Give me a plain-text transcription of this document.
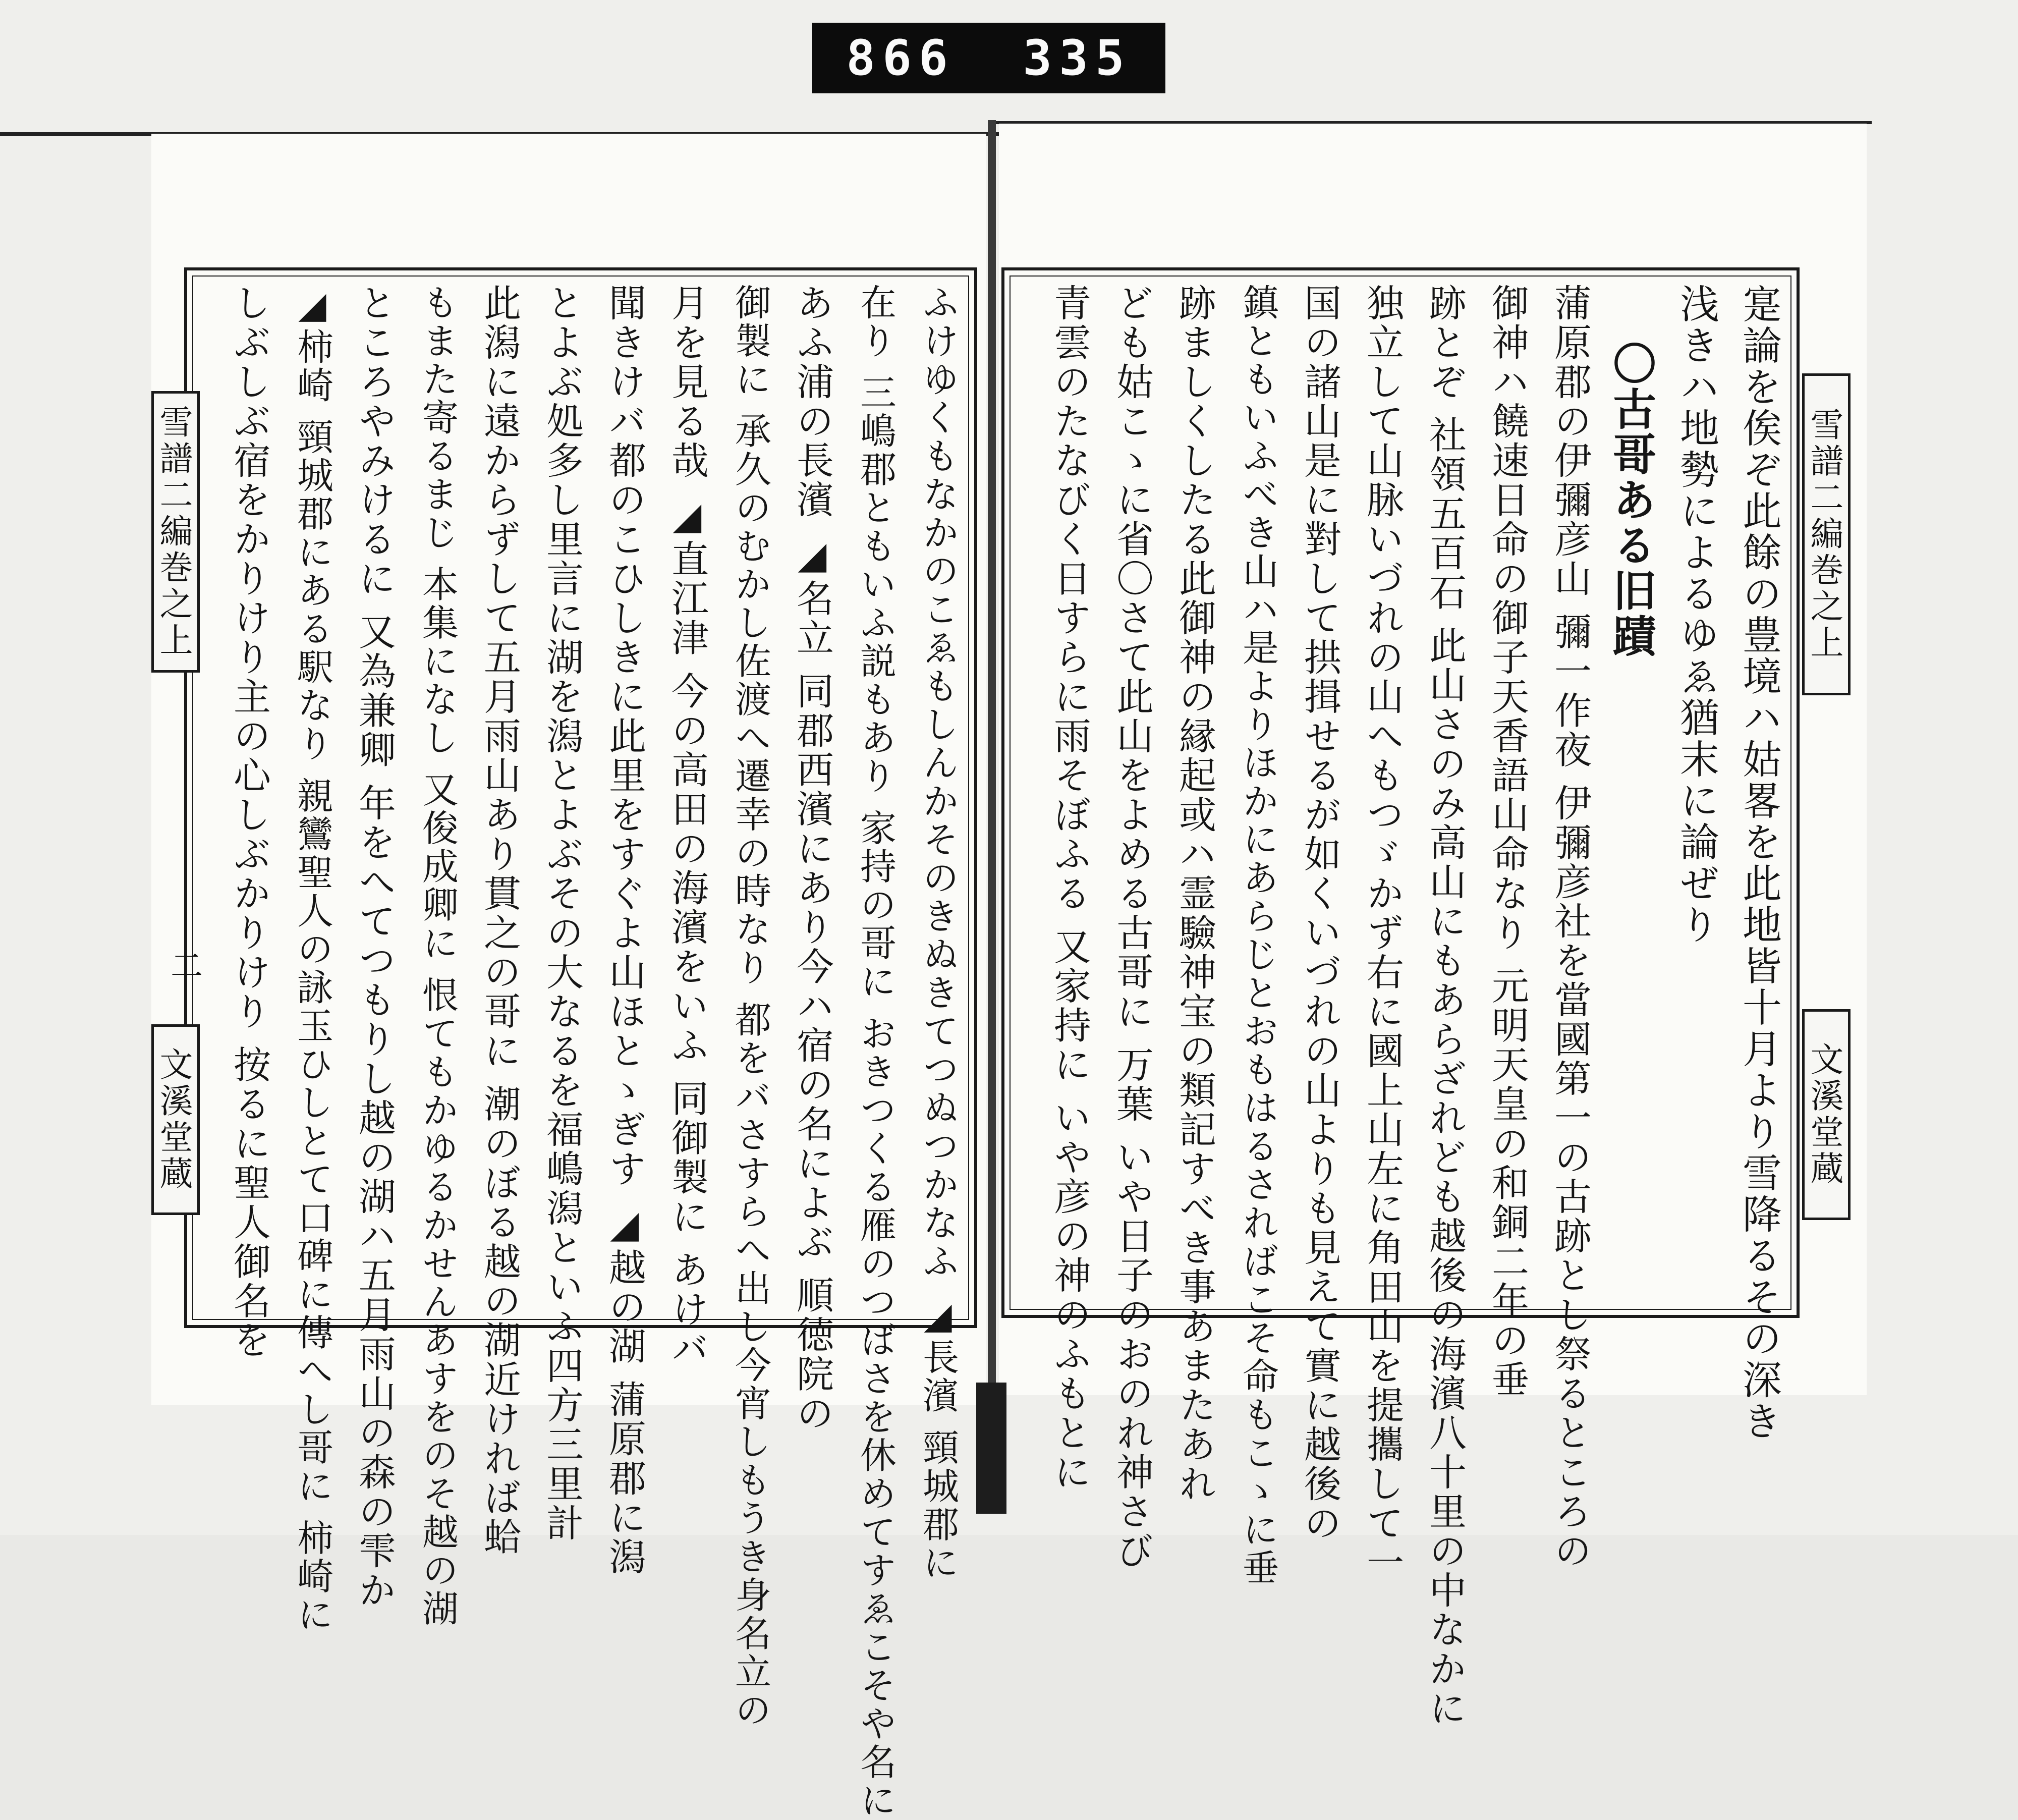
866 335
寔論を俟ぞ此餘の豊境ハ姑畧を此地皆十月より雪降るその深き
浅きハ地勢によるゆゑ猶末に論ぜり
〇古哥ある旧蹟
蒲原郡の伊彌彦山 彌一作夜 伊彌彦社を當國第一の古跡とし祭るところの
御神ハ饒速日命の御子天香語山命なり 元明天皇の和銅二年の垂
跡とぞ 社領五百石 此山さのみ高山にもあらざれども越後の海濱八十里の中なかに
独立して山脉いづれの山へもつゞかず右に國上山左に角田山を提攜して一
国の諸山是に對して拱揖せるが如くいづれの山よりも見えて實に越後の
鎮ともいふべき山ハ是よりほかにあらじとおもはるさればこそ命もこゝに垂
跡ましくしたる此御神の縁起或ハ霊驗神宝の類記すべき事あまたあれ
ども姑こゝに省〇さて此山をよめる古哥に 万葉 いや日子のおのれ神さび
青雲のたなびく日すらに雨そぼふる 又家持に いや彦の神のふもとに	雪譜二編巻之上
文溪堂蔵
ふけゆくもなかのこゑもしんかそのきぬきてつぬつかなふ ◢長濱 頸城郡に
在り 三嶋郡ともいふ説もあり 家持の哥に おきつくる雁のつばさを休めてすゑこそや名に
あふ浦の長濱 ◢名立 同郡西濱にあり今ハ宿の名によぶ 順徳院の
御製に 承久のむかし佐渡へ遷幸の時なり 都をバさすらへ出し今宵しもうき身名立の
月を見る哉 ◢直江津 今の高田の海濱をいふ 同御製に あけバ
聞きけバ都のこひしきに此里をすぐよ山ほとゝぎす ◢越の湖 蒲原郡に潟
とよぶ処多し里言に湖を潟とよぶその大なるを福嶋潟といふ四方三里計
此潟に遠からずして五月雨山あり貫之の哥に 潮のぼる越の湖近ければ蛤
もまた寄るまじ 本集になし 又俊成卿に 恨てもかゆるかせんあすをのそ越の湖
ところやみけるに 又為兼卿 年をへてつもりし越の湖ハ五月雨山の森の雫か
◢柿崎 頸城郡にある駅なり 親鸞聖人の詠玉ひしとて口碑に傳へし哥に 柿崎に
しぶしぶ宿をかりけり主の心しぶかりけり 按るに聖人御名を
雪譜二編巻之上
二
文溪堂蔵
